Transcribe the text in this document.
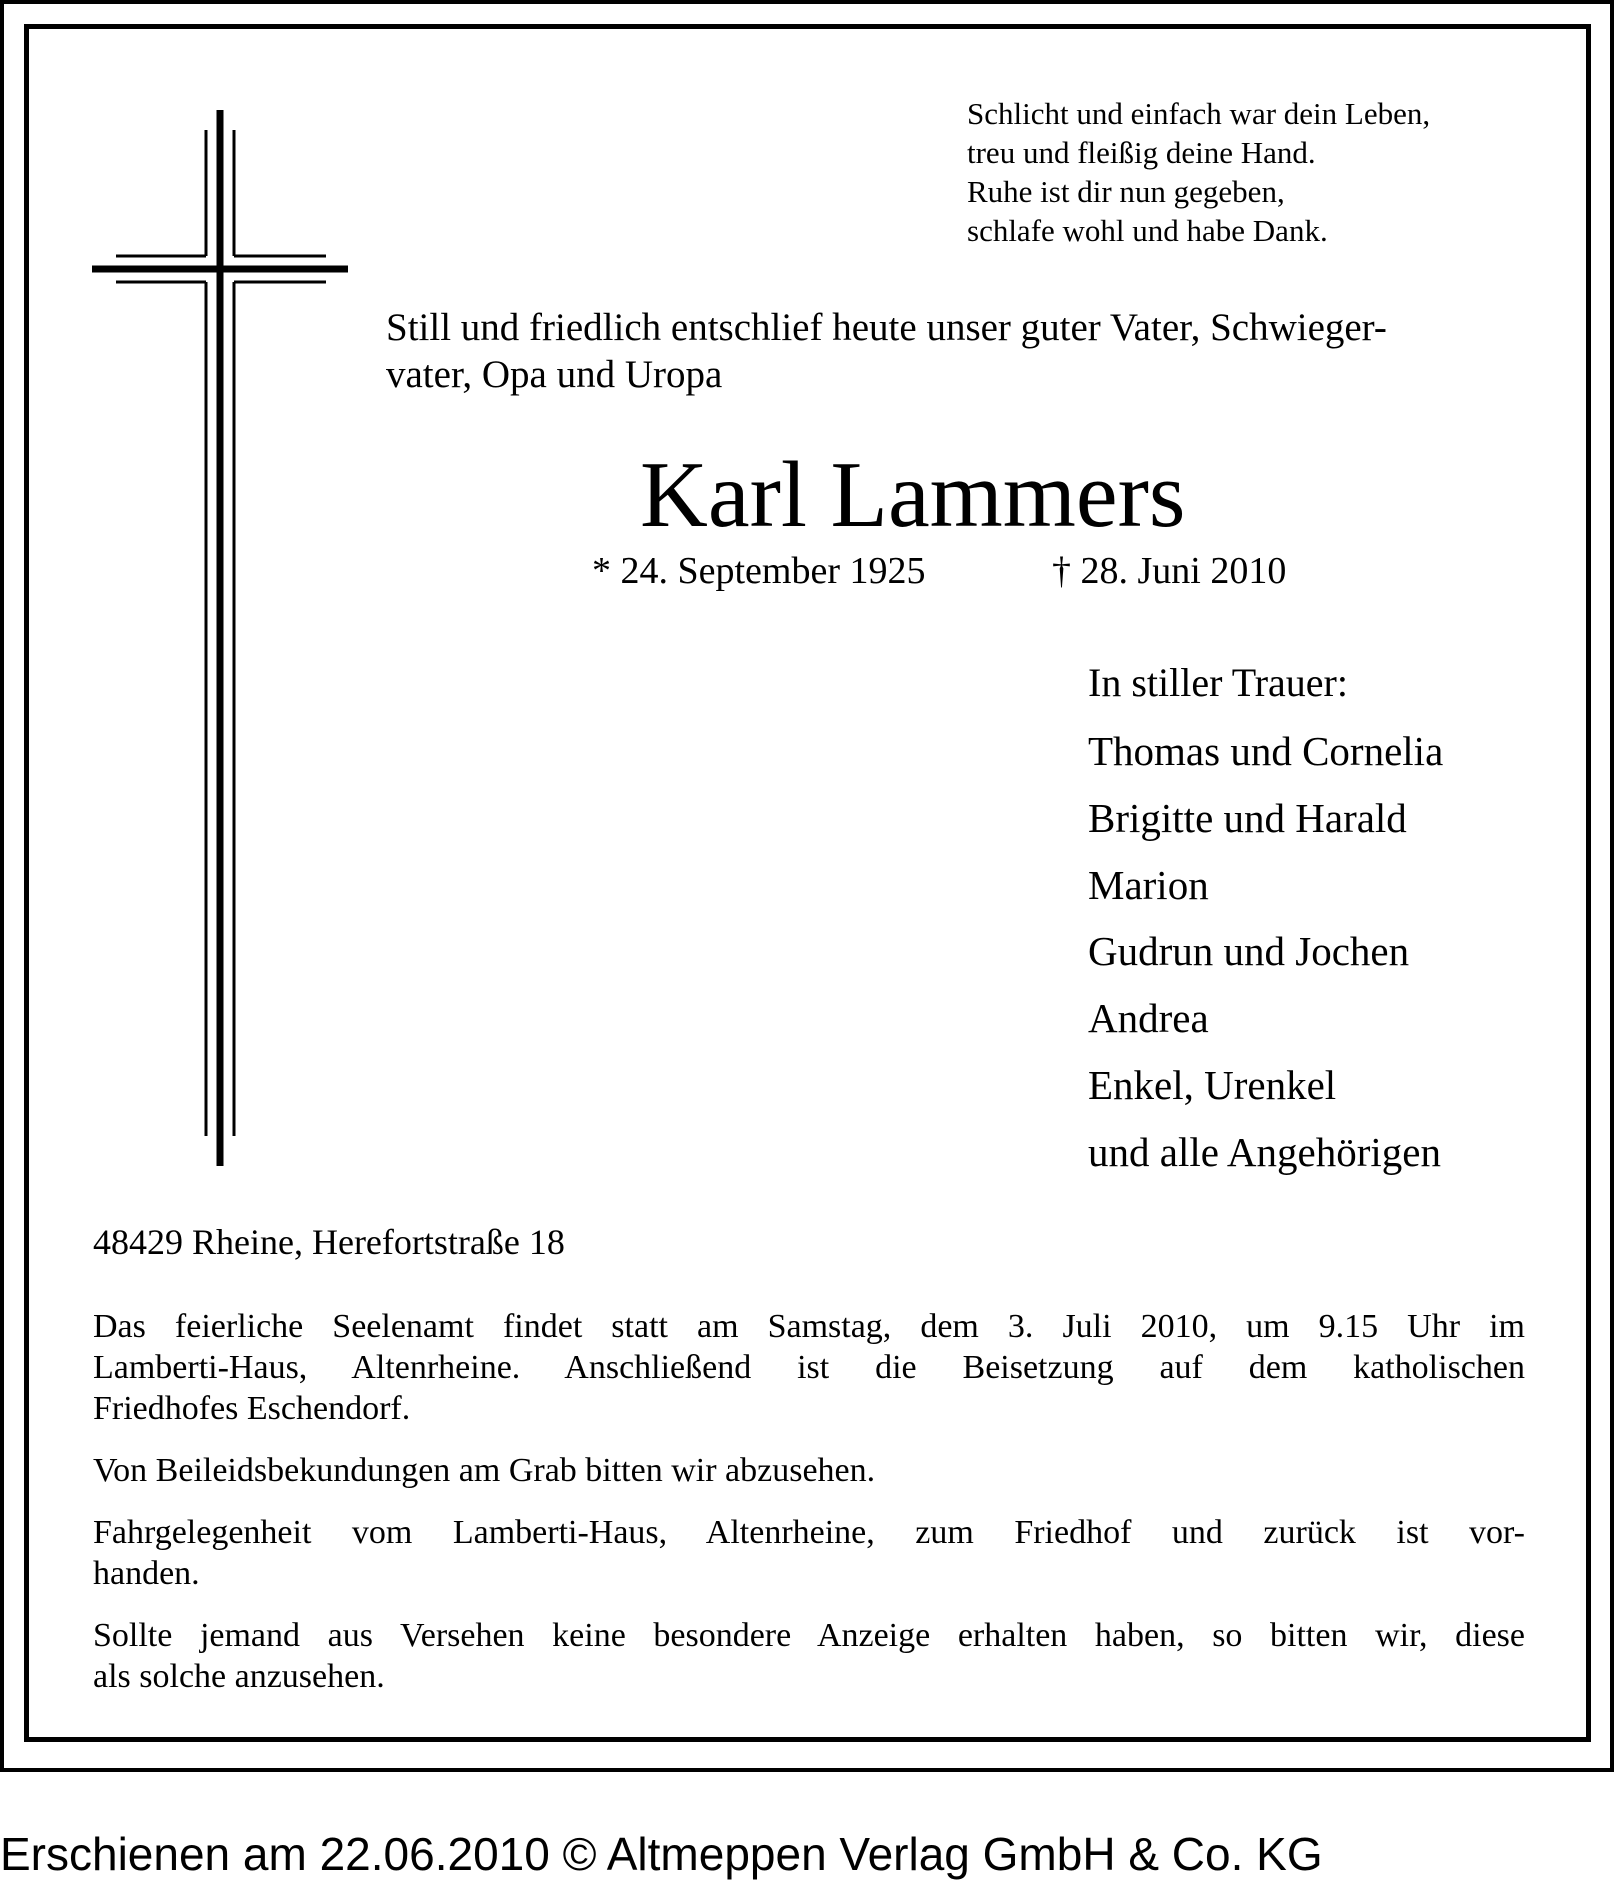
Schlicht und einfach war dein Leben,
treu und fleißig deine Hand.
Ruhe ist dir nun gegeben,
schlafe wohl und habe Dank.
Still und friedlich entschlief heute unser guter Vater, Schwieger-
vater, Opa und Uropa
Karl Lammers
* 24. September 1925	† 28. Juni 2010
In stiller Trauer:
Thomas und Cornelia
Brigitte und Harald
Marion
Gudrun und Jochen
Andrea
Enkel, Urenkel
und alle Angehörigen
48429 Rheine, Herefortstraße 18

Das feierliche Seelenamt findet statt am Samstag, dem 3. Juli 2010, um 9.15 Uhr im
Lamberti-Haus, Altenrheine. Anschließend ist die Beisetzung auf dem katholischen
Friedhofes Eschendorf.

Von Beileidsbekundungen am Grab bitten wir abzusehen.

Fahrgelegenheit vom Lamberti-Haus, Altenrheine, zum Friedhof und zurück ist vor-
handen.

Sollte jemand aus Versehen keine besondere Anzeige erhalten haben, so bitten wir, diese
als solche anzusehen.

Erschienen am 22.06.2010 © Altmeppen Verlag GmbH & Co. KG
